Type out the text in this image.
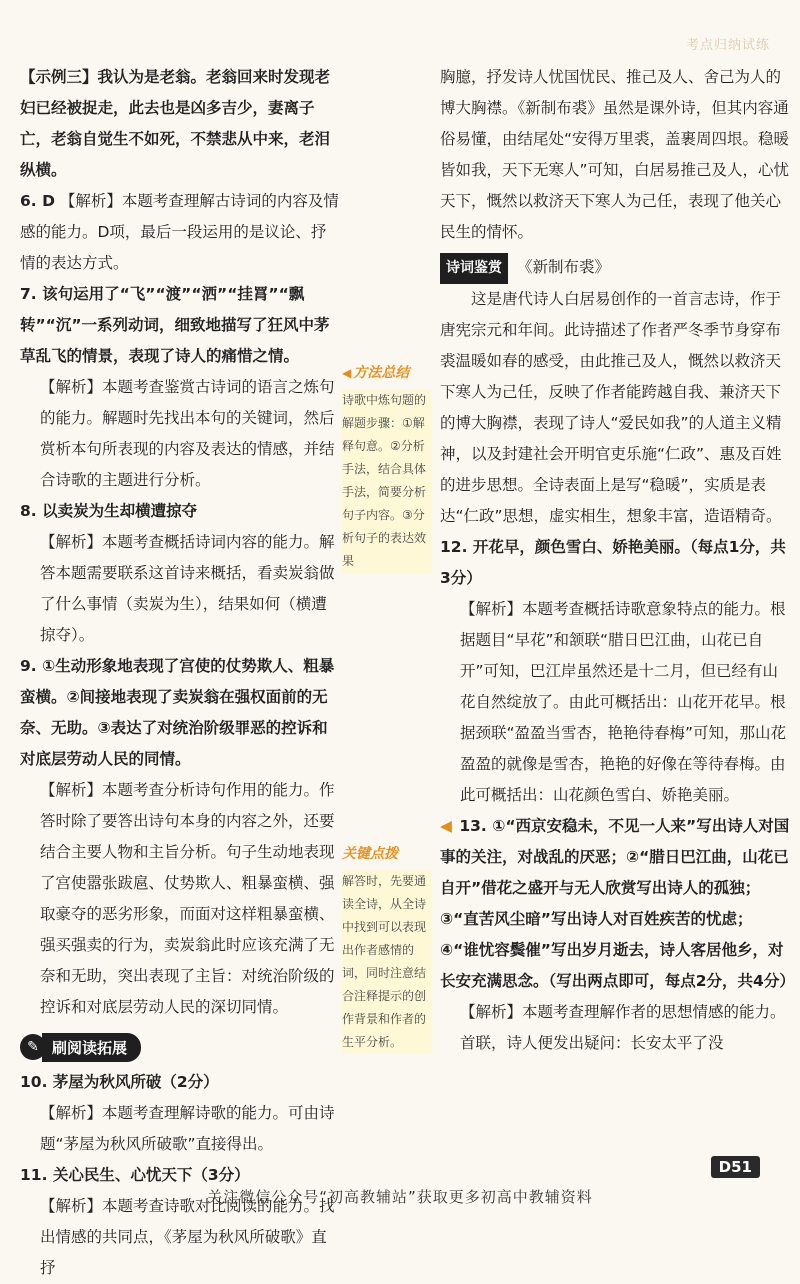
考点归纳试练

【示例三】我认为是老翁。老翁回来时发现老妇已经被捉走，此去也是凶多吉少，妻离子亡，老翁自觉生不如死，不禁悲从中来，老泪纵横。

6. D 【解析】本题考查理解古诗词的内容及情感的能力。D项，最后一段运用的是议论、抒情的表达方式。

7. 该句运用了“飞”“渡”“洒”“挂罥”“飘转”“沉”一系列动词，细致地描写了狂风中茅草乱飞的情景，表现了诗人的痛惜之情。

【解析】本题考查鉴赏古诗词的语言之炼句的能力。解题时先找出本句的关键词，然后赏析本句所表现的内容及表达的情感，并结合诗歌的主题进行分析。

8. 以卖炭为生却横遭掠夺

【解析】本题考查概括诗词内容的能力。解答本题需要联系这首诗来概括，看卖炭翁做了什么事情（卖炭为生），结果如何（横遭掠夺）。

9. ①生动形象地表现了宫使的仗势欺人、粗暴蛮横。②间接地表现了卖炭翁在强权面前的无奈、无助。③表达了对统治阶级罪恶的控诉和对底层劳动人民的同情。

【解析】本题考查分析诗句作用的能力。作答时除了要答出诗句本身的内容之外，还要结合主要人物和主旨分析。句子生动地表现了宫使嚣张跋扈、仗势欺人、粗暴蛮横、强取豪夺的恶劣形象，而面对这样粗暴蛮横、强买强卖的行为，卖炭翁此时应该充满了无奈和无助，突出表现了主旨：对统治阶级的控诉和对底层劳动人民的深切同情。

✎ 刷阅读拓展

10. 茅屋为秋风所破（2分）

【解析】本题考查理解诗歌的能力。可由诗题“茅屋为秋风所破歌”直接得出。

11. 关心民生、心忧天下（3分）

【解析】本题考查诗歌对比阅读的能力。找出情感的共同点，《茅屋为秋风所破歌》直抒

◀ 方法总结
诗歌中炼句题的解题步骤：①解释句意。②分析手法，结合具体手法，简要分析句子内容。③分析句子的表达效果
关键点拨
解答时，先要通读全诗，从全诗中找到可以表现出作者感情的词，同时注意结合注释提示的创作背景和作者的生平分析。

胸臆，抒发诗人忧国忧民、推己及人、舍己为人的博大胸襟。《新制布裘》虽然是课外诗，但其内容通俗易懂，由结尾处“安得万里裘，盖裹周四垠。稳暖皆如我，天下无寒人”可知，白居易推己及人，心忧天下，慨然以救济天下寒人为己任，表现了他关心民生的情怀。

诗词鉴赏 《新制布裘》

这是唐代诗人白居易创作的一首言志诗，作于唐宪宗元和年间。此诗描述了作者严冬季节身穿布裘温暖如春的感受，由此推己及人，慨然以救济天下寒人为己任，反映了作者能跨越自我、兼济天下的博大胸襟，表现了诗人“爱民如我”的人道主义精神，以及封建社会开明官吏乐施“仁政”、惠及百姓的进步思想。全诗表面上是写“稳暖”，实质是表达“仁政”思想，虚实相生，想象丰富，造语精奇。

12. 开花早，颜色雪白、娇艳美丽。（每点1分，共3分）

【解析】本题考查概括诗歌意象特点的能力。根据题目“早花”和颔联“腊日巴江曲，山花已自开”可知，巴江岸虽然还是十二月，但已经有山花自然绽放了。由此可概括出：山花开花早。根据颈联“盈盈当雪杏，艳艳待春梅”可知，那山花盈盈的就像是雪杏，艳艳的好像在等待春梅。由此可概括出：山花颜色雪白、娇艳美丽。

◀ 13. ①“西京安稳未，不见一人来”写出诗人对国事的关注，对战乱的厌恶；②“腊日巴江曲，山花已自开”借花之盛开与无人欣赏写出诗人的孤独；③“直苦风尘暗”写出诗人对百姓疾苦的忧虑；④“谁忧容鬓催”写出岁月逝去，诗人客居他乡，对长安充满思念。（写出两点即可，每点2分，共4分）

【解析】本题考查理解作者的思想情感的能力。首联，诗人便发出疑问：长安太平了没

D51
关注微信公众号“初高教辅站”获取更多初高中教辅资料
